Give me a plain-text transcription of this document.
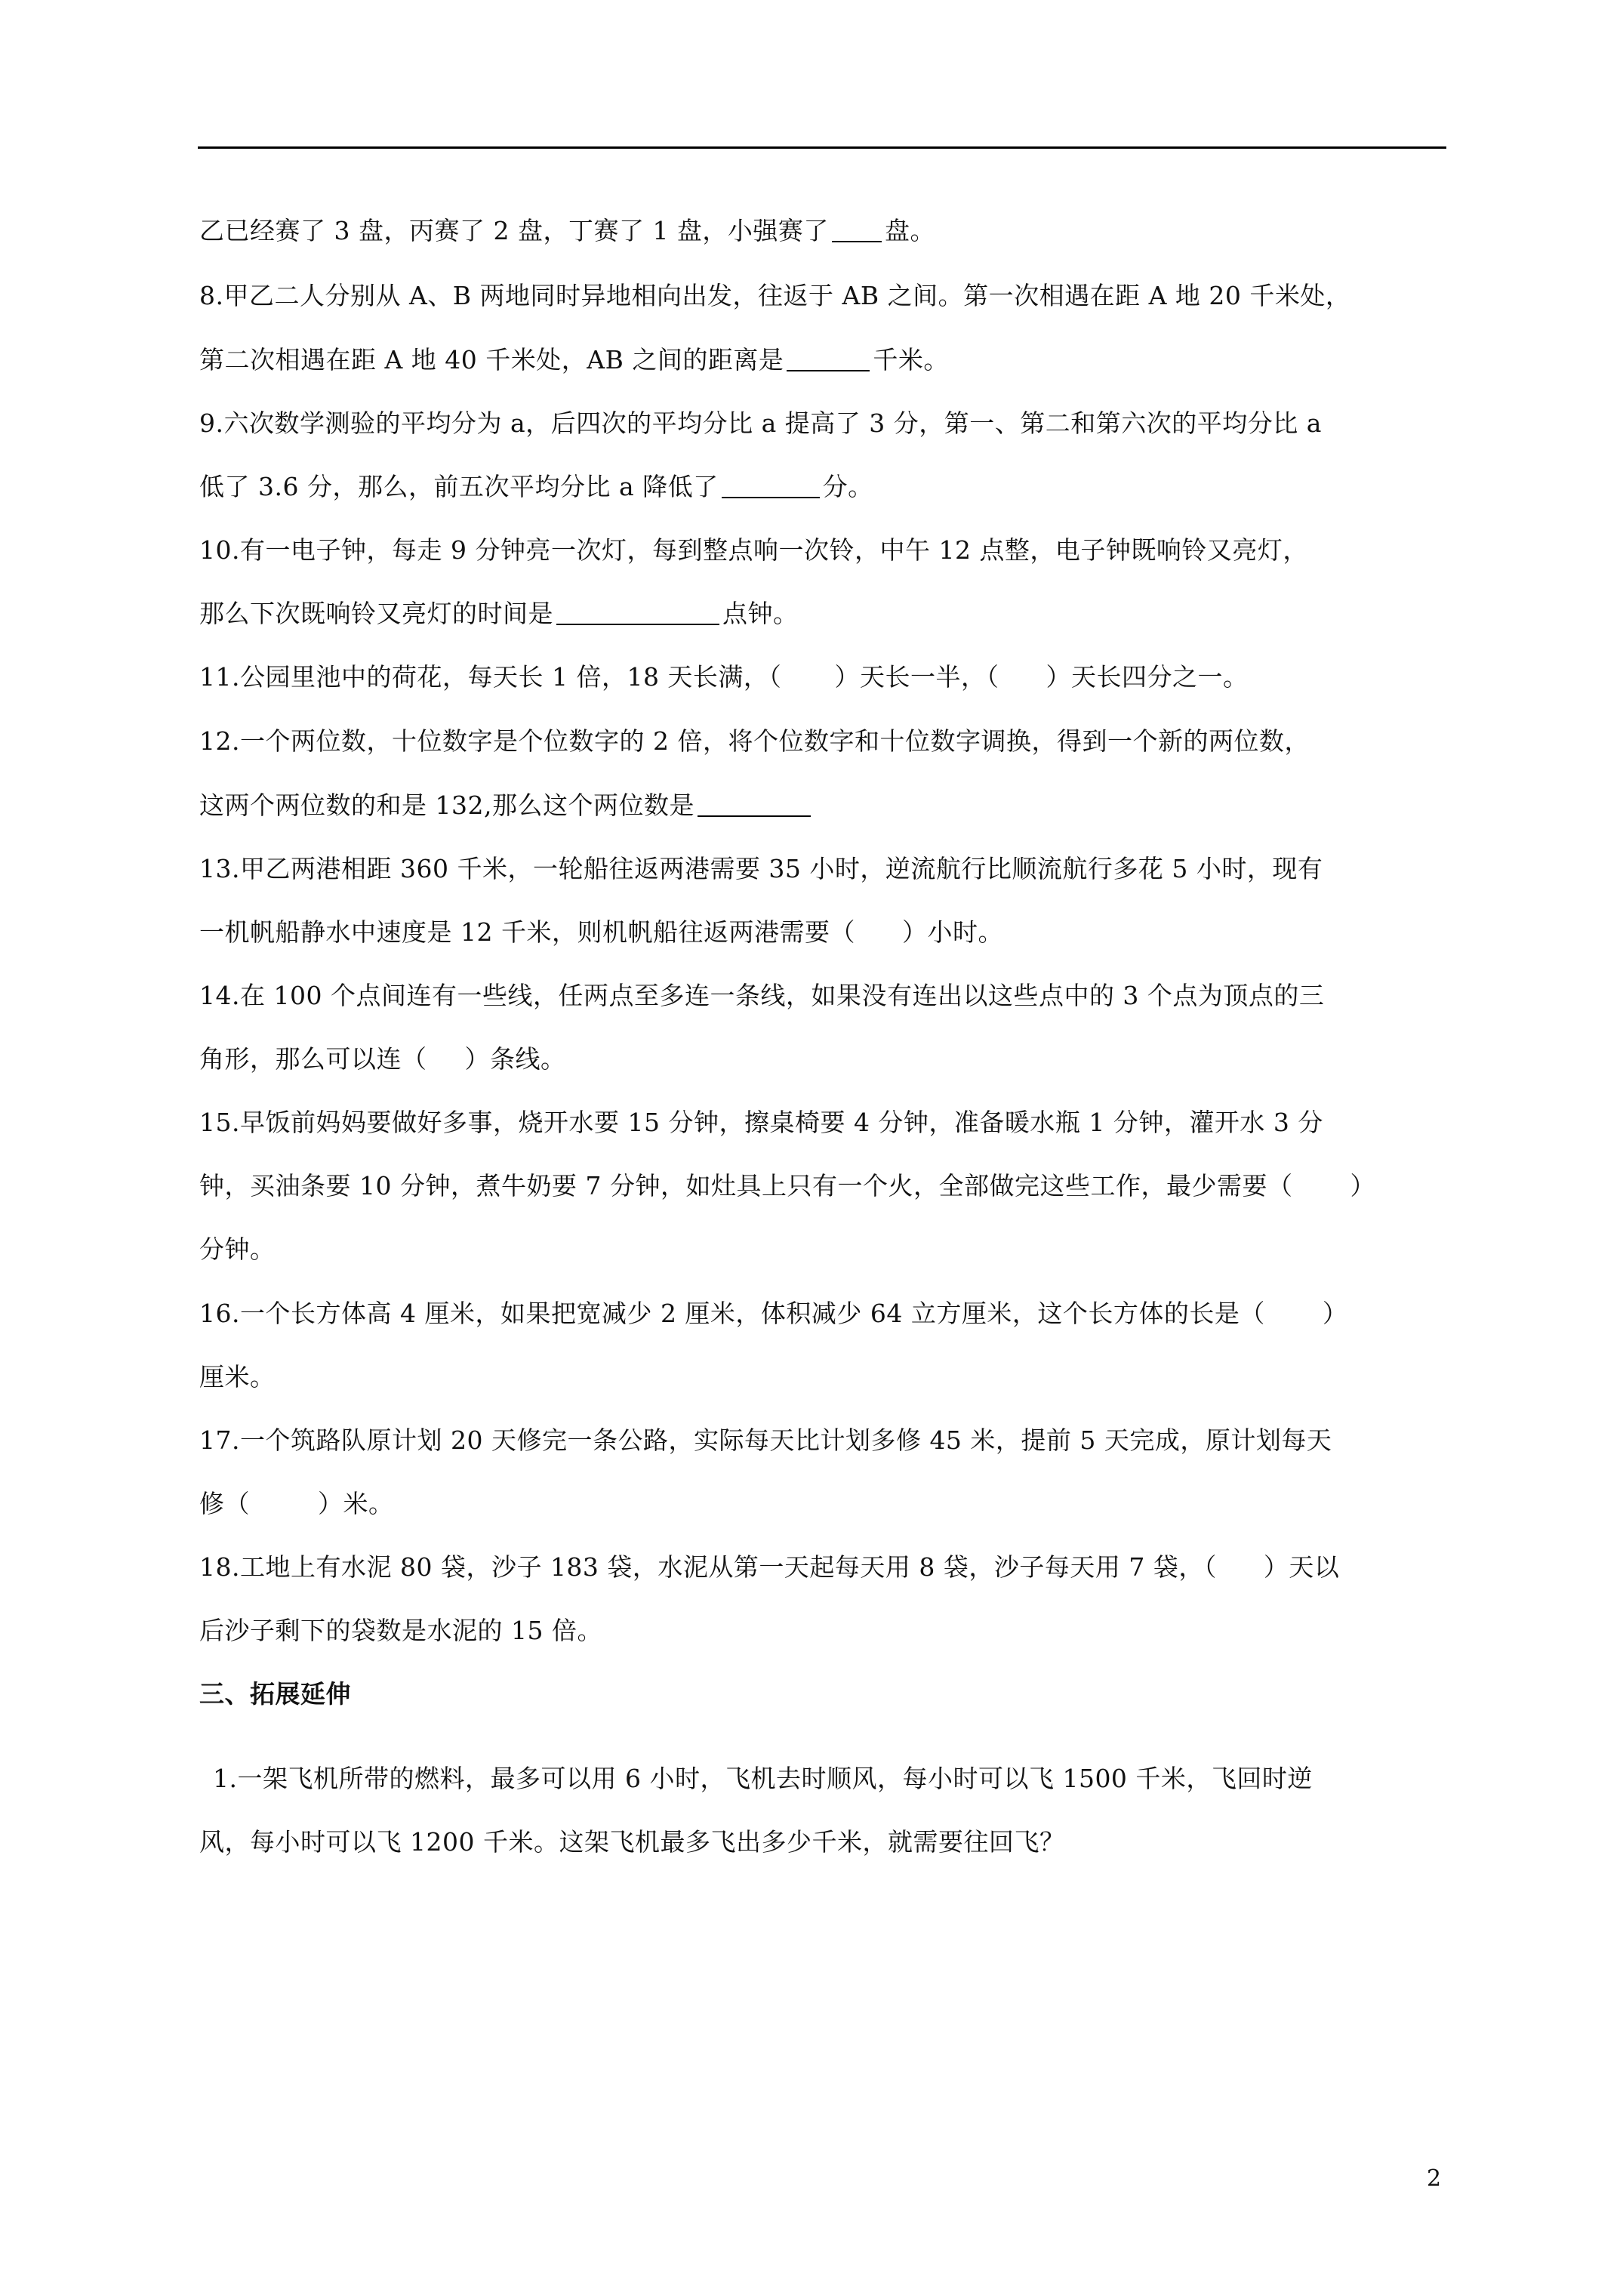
乙已经赛了 3 盘，丙赛了 2 盘，丁赛了 1 盘，小强赛了 盘。
8.甲乙二人分别从 A、B 两地同时异地相向出发，往返于 AB 之间。第一次相遇在距 A 地 20 千米处，
第二次相遇在距 A 地 40 千米处，AB 之间的距离是	千米。
9.六次数学测验的平均分为 a，后四次的平均分比 a 提高了 3 分，第一、第二和第六次的平均分比 a
低了 3.6 分，那么，前五次平均分比 a 降低了	分。
10.有一电子钟，每走 9 分钟亮一次灯，每到整点响一次铃，中午 12 点整，电子钟既响铃又亮灯，
那么下次既响铃又亮灯的时间是	点钟。
11.公园里池中的荷花，每天长 1 倍，18 天长满，（ ）天长一半，（ ）天长四分之一。
12.一个两位数，十位数字是个位数字的 2 倍，将个位数字和十位数字调换，得到一个新的两位数，
这两个两位数的和是 132,那么这个两位数是
13.甲乙两港相距 360 千米，一轮船往返两港需要 35 小时，逆流航行比顺流航行多花 5 小时，现有
一机帆船静水中速度是 12 千米，则机帆船往返两港需要（ ）小时。
14.在 100 个点间连有一些线，任两点至多连一条线，如果没有连出以这些点中的 3 个点为顶点的三
角形，那么可以连（ ）条线。
15.早饭前妈妈要做好多事，烧开水要 15 分钟，擦桌椅要 4 分钟，准备暖水瓶 1 分钟，灌开水 3 分
钟，买油条要 10 分钟，煮牛奶要 7 分钟，如灶具上只有一个火，全部做完这些工作，最少需要（ ）
分钟。
16.一个长方体高 4 厘米，如果把宽减少 2 厘米，体积减少 64 立方厘米，这个长方体的长是（ ）
厘米。
17.一个筑路队原计划 20 天修完一条公路，实际每天比计划多修 45 米，提前 5 天完成，原计划每天
修（	）米。
18.工地上有水泥 80 袋，沙子 183 袋，水泥从第一天起每天用 8 袋，沙子每天用 7 袋，（ ）天以
后沙子剩下的袋数是水泥的 15 倍。
三、拓展延伸
1.一架飞机所带的燃料，最多可以用 6 小时，飞机去时顺风，每小时可以飞 1500 千米，飞回时逆
风，每小时可以飞 1200 千米。这架飞机最多飞出多少千米，就需要往回飞？
2
